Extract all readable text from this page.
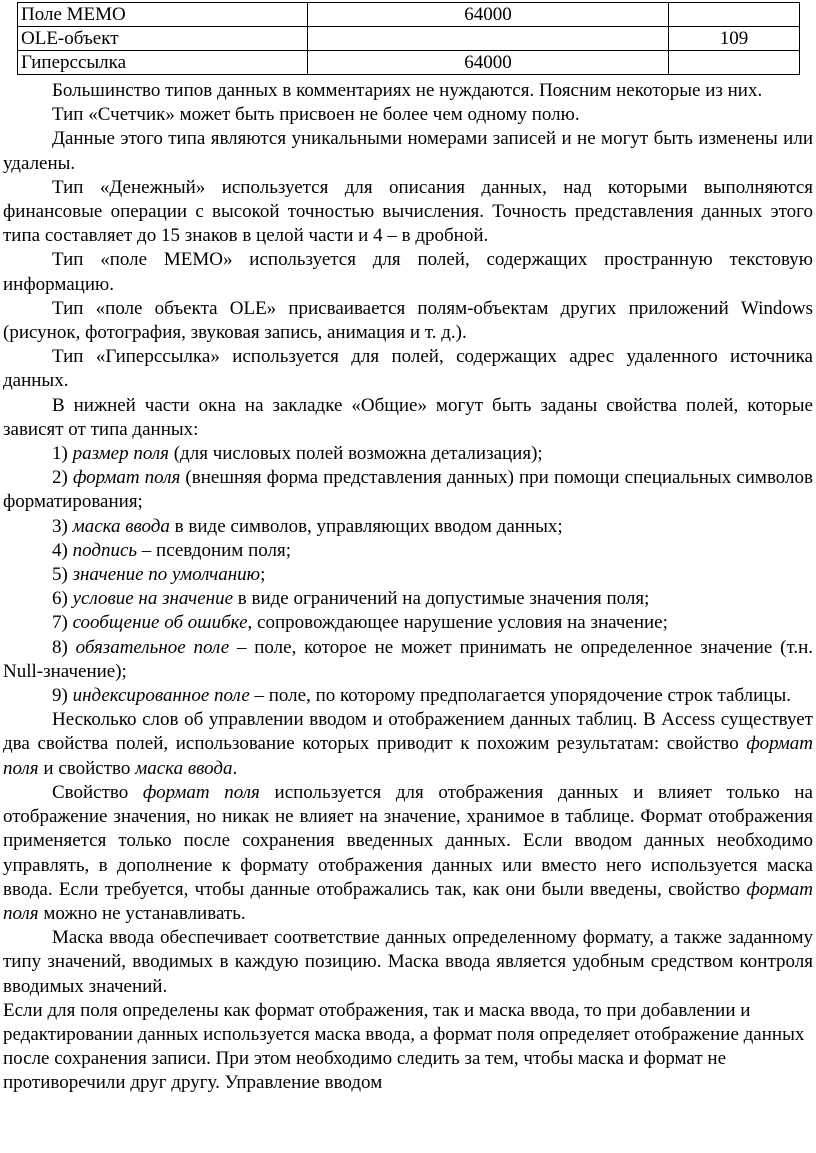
Поле МЕМО	64000	
OLE-объект		109
Гиперссылка	64000	

Большинство типов данных в комментариях не нуждаются. Поясним некоторые из них.

Тип «Счетчик» может быть присвоен не более чем одному полю.

Данные этого типа являются уникальными номерами записей и не могут быть изменены или удалены.

Тип «Денежный» используется для описания данных, над которыми выполняются финансовые операции с высокой точностью вычисления. Точность представления данных этого типа составляет до 15 знаков в целой части и 4 – в дробной.

Тип «поле МЕМО» используется для полей, содержащих пространную текстовую информацию.

Тип «поле объекта OLE» присваивается полям-объектам других приложений Windows (рисунок, фотография, звуковая запись, анимация и т. д.).

Тип «Гиперссылка» используется для полей, содержащих адрес удаленного источника данных.

В нижней части окна на закладке «Общие» могут быть заданы свойства полей, которые зависят от типа данных:

1) размер поля (для числовых полей возможна детализация);

2) формат поля (внешняя форма представления данных) при помощи специальных символов форматирования;

3) маска ввода в виде символов, управляющих вводом данных;

4) подпись – псевдоним поля;

5) значение по умолчанию;

6) условие на значение в виде ограничений на допустимые значения поля;

7) сообщение об ошибке, сопровождающее нарушение условия на значение;

8) обязательное поле – поле, которое не может принимать не определенное значение (т.н. Null-значение);

9) индексированное поле – поле, по которому предполагается упорядочение строк таблицы.

Несколько слов об управлении вводом и отображением данных таблиц. В Access существует два свойства полей, использование которых приводит к похожим результатам: свойство формат поля и свойство маска ввода.

Свойство формат поля используется для отображения данных и влияет только на отображение значения, но никак не влияет на значение, хранимое в таблице. Формат отображения применяется только после сохранения введенных данных. Если вводом данных необходимо управлять, в дополнение к формату отображения данных или вместо него используется маска ввода. Если требуется, чтобы данные отображались так, как они были введены, свойство формат поля можно не устанавливать.

Маска ввода обеспечивает соответствие данных определенному формату, а также заданному типу значений, вводимых в каждую позицию. Маска ввода является удобным средством контроля вводимых значений.

Если для поля определены как формат отображения, так и маска ввода, то при добавлении и редактировании данных используется маска ввода, а формат поля определяет отображение данных после сохранения записи. При этом необходимо следить за тем, чтобы маска и формат не противоречили друг другу. Управление вводом
